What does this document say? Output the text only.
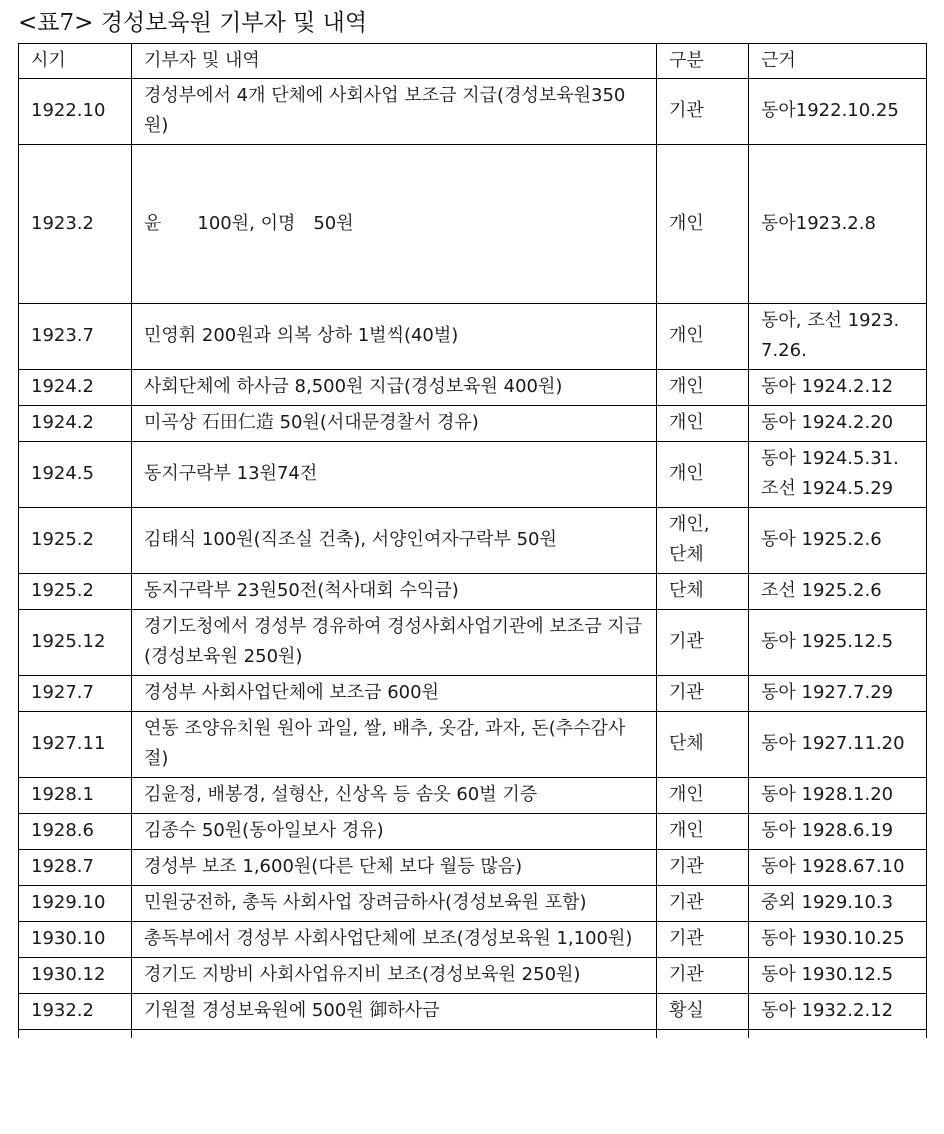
<표7> 경성보육원 기부자 및 내역
시기	기부자 및 내역	구분	근거
1922.10	경성부에서 4개 단체에 사회사업 보조금 지급(경성보육원350원)	기관	동아1922.10.25
1923.2	윤　　100원, 이명　50원	개인	동아1923.2.8
1923.7	민영휘 200원과 의복 상하 1벌씩(40벌)	개인	동아, 조선 1923.7.26.
1924.2	사회단체에 하사금 8,500원 지급(경성보육원 400원)	개인	동아 1924.2.12
1924.2	미곡상 石田仁造 50원(서대문경찰서 경유)	개인	동아 1924.2.20
1924.5	동지구락부 13원74전	개인	동아 1924.5.31. 조선 1924.5.29
1925.2	김태식 100원(직조실 건축), 서양인여자구락부 50원	개인, 단체	동아 1925.2.6
1925.2	동지구락부 23원50전(척사대회 수익금)	단체	조선 1925.2.6
1925.12	경기도청에서 경성부 경유하여 경성사회사업기관에 보조금 지급(경성보육원 250원)	기관	동아 1925.12.5
1927.7	경성부 사회사업단체에 보조금 600원	기관	동아 1927.7.29
1927.11	연동 조양유치원 원아 과일, 쌀, 배추, 옷감, 과자, 돈(추수감사절)	단체	동아 1927.11.20
1928.1	김윤정, 배봉경, 설형산, 신상옥 등 솜옷 60벌 기증	개인	동아 1928.1.20
1928.6	김종수 50원(동아일보사 경유)	개인	동아 1928.6.19
1928.7	경성부 보조 1,600원(다른 단체 보다 월등 많음)	기관	동아 1928.67.10
1929.10	민원궁전하, 총독 사회사업 장려금하사(경성보육원 포함)	기관	중외 1929.10.3
1930.10	총독부에서 경성부 사회사업단체에 보조(경성보육원 1,100원)	기관	동아 1930.10.25
1930.12	경기도 지방비 사회사업유지비 보조(경성보육원 250원)	기관	동아 1930.12.5
1932.2	기원절 경성보육원에 500원 御하사금	황실	동아 1932.2.12
